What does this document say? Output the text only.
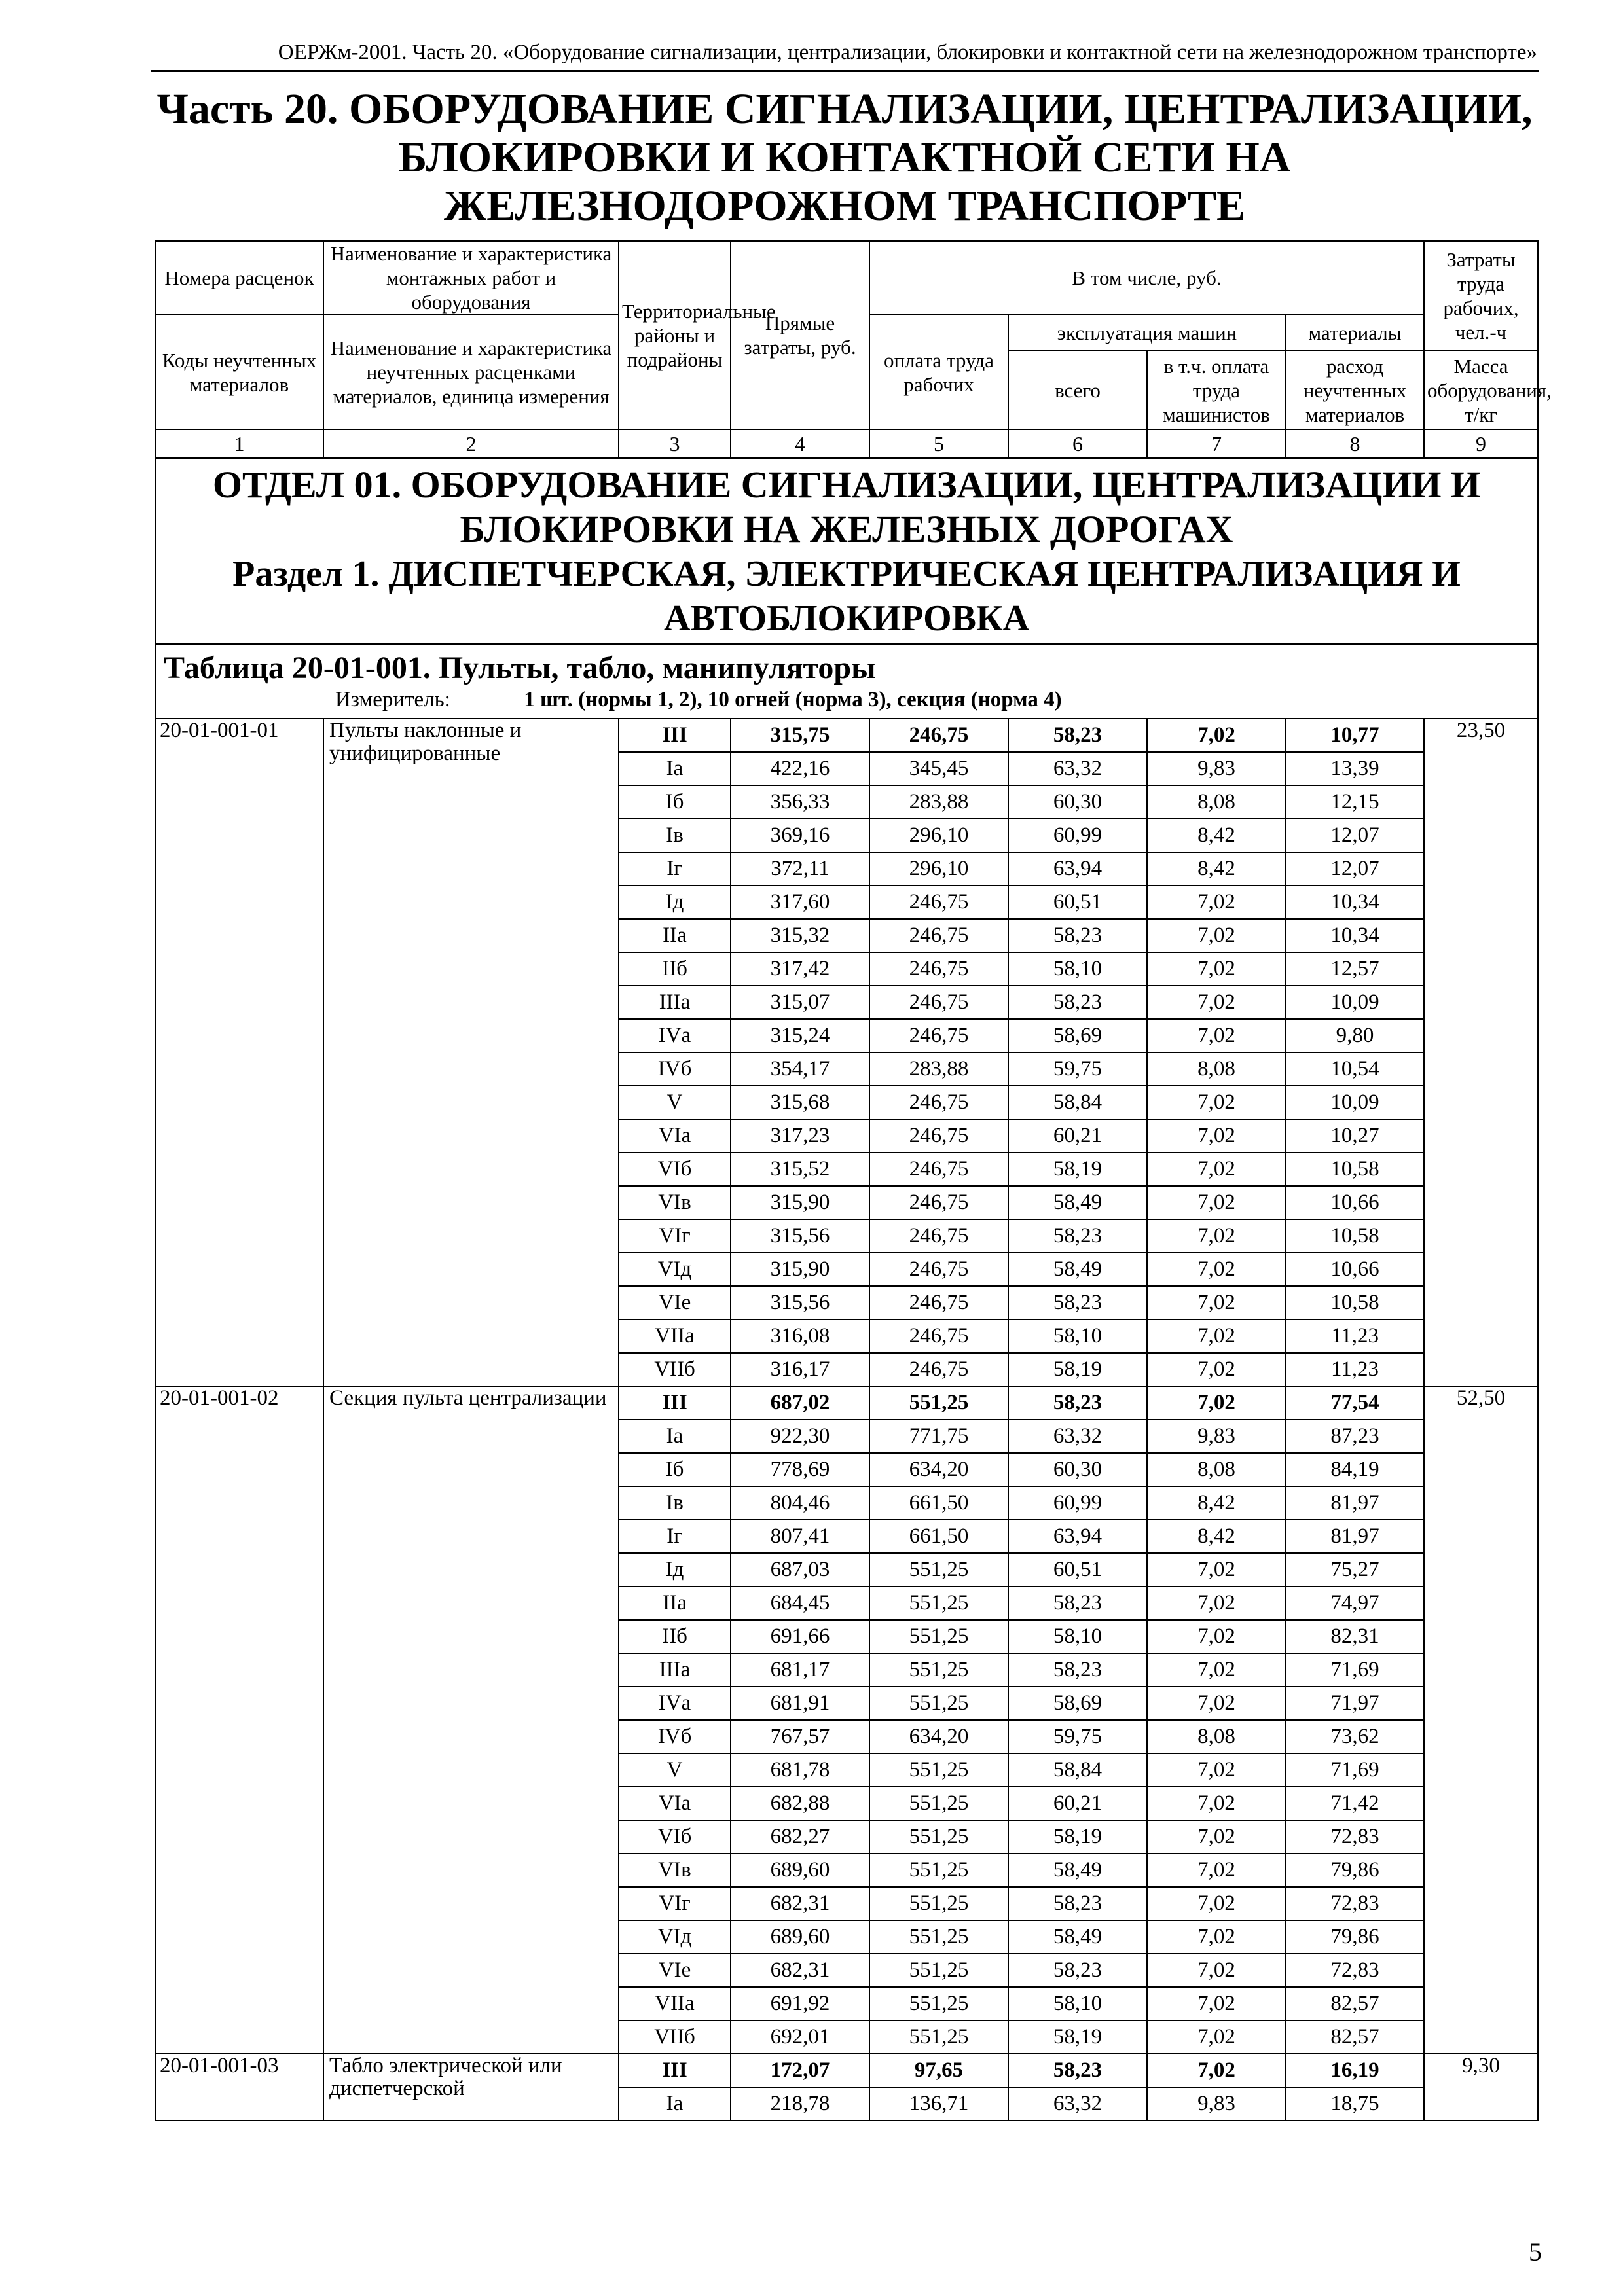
ОЕРЖм-2001. Часть 20. «Оборудование сигнализации, централизации, блокировки и контактной сети на железнодорожном транспорте»
Часть 20. ОБОРУДОВАНИЕ СИГНАЛИЗАЦИИ, ЦЕНТРАЛИЗАЦИИ, БЛОКИРОВКИ И КОНТАКТНОЙ СЕТИ НА ЖЕЛЕЗНОДОРОЖНОМ ТРАНСПОРТЕ
Номера расценок	Наименование и характеристика монтажных работ и оборудования	Территориальные районы и подрайоны	Прямые затраты, руб.	В том числе, руб.				Затраты труда рабочих, чел.-ч
Коды неучтенных материалов	Наименование и характеристика неучтенных расценками материалов, единица измерения			оплата труда рабочих	эксплуатация машин		материалы	
					всего	в т.ч. оплата труда машинистов	расход неучтенных материалов	Масса оборудования, т/кг
1	2	3	4	5	6	7	8	9

ОТДЕЛ 01. ОБОРУДОВАНИЕ СИГНАЛИЗАЦИИ, ЦЕНТРАЛИЗАЦИИ И БЛОКИРОВКИ НА ЖЕЛЕЗНЫХ ДОРОГАХ
Раздел 1. ДИСПЕТЧЕРСКАЯ, ЭЛЕКТРИЧЕСКАЯ ЦЕНТРАЛИЗАЦИЯ И АВТОБЛОКИРОВКА								

Таблица 20-01-001. Пульты, табло, манипуляторы
Измеритель: 1 шт. (нормы 1, 2), 10 огней (норма 3), секция (норма 4)								

20-01-001-01	Пульты наклонные и унифицированные	III	315,75	246,75	58,23	7,02	10,77	23,50
		Iа	422,16	345,45	63,32	9,83	13,39	
		Iб	356,33	283,88	60,30	8,08	12,15	
		Iв	369,16	296,10	60,99	8,42	12,07	
		Iг	372,11	296,10	63,94	8,42	12,07	
		Iд	317,60	246,75	60,51	7,02	10,34	
		IIа	315,32	246,75	58,23	7,02	10,34	
		IIб	317,42	246,75	58,10	7,02	12,57	
		IIIа	315,07	246,75	58,23	7,02	10,09	
		IVа	315,24	246,75	58,69	7,02	9,80	
		IVб	354,17	283,88	59,75	8,08	10,54	
		V	315,68	246,75	58,84	7,02	10,09	
		VIа	317,23	246,75	60,21	7,02	10,27	
		VIб	315,52	246,75	58,19	7,02	10,58	
		VIв	315,90	246,75	58,49	7,02	10,66	
		VIг	315,56	246,75	58,23	7,02	10,58	
		VIд	315,90	246,75	58,49	7,02	10,66	
		VIе	315,56	246,75	58,23	7,02	10,58	
		VIIа	316,08	246,75	58,10	7,02	11,23	
		VIIб	316,17	246,75	58,19	7,02	11,23	
20-01-001-02	Секция пульта централизации	III	687,02	551,25	58,23	7,02	77,54	52,50
		Iа	922,30	771,75	63,32	9,83	87,23	
		Iб	778,69	634,20	60,30	8,08	84,19	
		Iв	804,46	661,50	60,99	8,42	81,97	
		Iг	807,41	661,50	63,94	8,42	81,97	
		Iд	687,03	551,25	60,51	7,02	75,27	
		IIа	684,45	551,25	58,23	7,02	74,97	
		IIб	691,66	551,25	58,10	7,02	82,31	
		IIIа	681,17	551,25	58,23	7,02	71,69	
		IVа	681,91	551,25	58,69	7,02	71,97	
		IVб	767,57	634,20	59,75	8,08	73,62	
		V	681,78	551,25	58,84	7,02	71,69	
		VIа	682,88	551,25	60,21	7,02	71,42	
		VIб	682,27	551,25	58,19	7,02	72,83	
		VIв	689,60	551,25	58,49	7,02	79,86	
		VIг	682,31	551,25	58,23	7,02	72,83	
		VIд	689,60	551,25	58,49	7,02	79,86	
		VIе	682,31	551,25	58,23	7,02	72,83	
		VIIа	691,92	551,25	58,10	7,02	82,57	
		VIIб	692,01	551,25	58,19	7,02	82,57	
20-01-001-03	Табло электрической или диспетчерской	III	172,07	97,65	58,23	7,02	16,19	9,30
		Iа	218,78	136,71	63,32	9,83	18,75	
5
